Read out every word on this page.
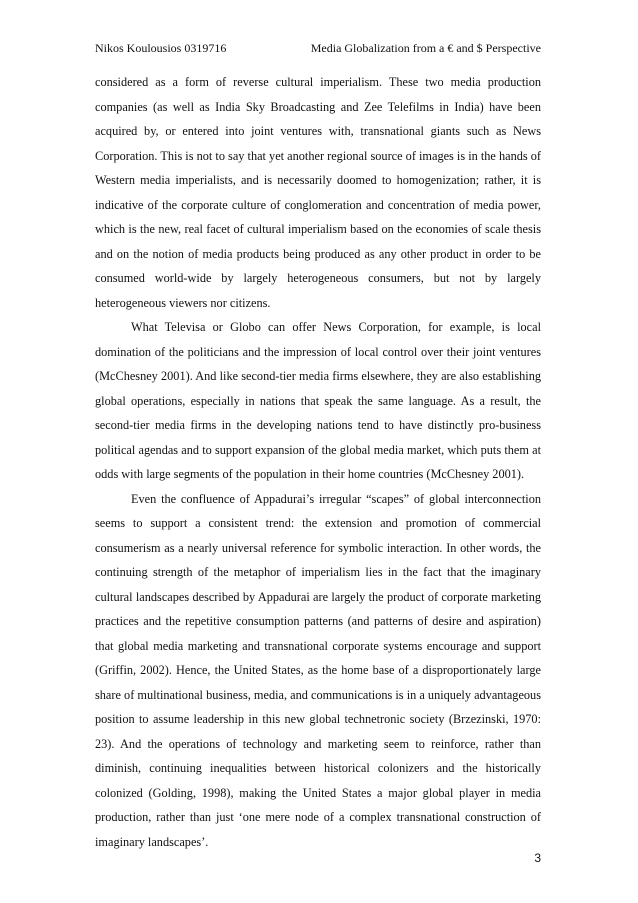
Nikos Koulousios 0319716	Media Globalization from a € and $ Perspective

considered as a form of reverse cultural imperialism. These two media production companies (as well as India Sky Broadcasting and Zee Telefilms in India) have been acquired by, or entered into joint ventures with, transnational giants such as News Corporation. This is not to say that yet another regional source of images is in the hands of Western media imperialists, and is necessarily doomed to homogenization; rather, it is indicative of the corporate culture of conglomeration and concentration of media power, which is the new, real facet of cultural imperialism based on the economies of scale thesis and on the notion of media products being produced as any other product in order to be consumed world-wide by largely heterogeneous consumers, but not by largely heterogeneous viewers nor citizens.

What Televisa or Globo can offer News Corporation, for example, is local domination of the politicians and the impression of local control over their joint ventures (McChesney 2001). And like second-tier media firms elsewhere, they are also establishing global operations, especially in nations that speak the same language. As a result, the second-tier media firms in the developing nations tend to have distinctly pro-business political agendas and to support expansion of the global media market, which puts them at odds with large segments of the population in their home countries (McChesney 2001).

Even the confluence of Appadurai’s irregular “scapes” of global interconnection seems to support a consistent trend: the extension and promotion of commercial consumerism as a nearly universal reference for symbolic interaction. In other words, the continuing strength of the metaphor of imperialism lies in the fact that the imaginary cultural landscapes described by Appadurai are largely the product of corporate marketing practices and the repetitive consumption patterns (and patterns of desire and aspiration) that global media marketing and transnational corporate systems encourage and support (Griffin, 2002). Hence, the United States, as the home base of a disproportionately large share of multinational business, media, and communications is in a uniquely advantageous position to assume leadership in this new global technetronic society (Brzezinski, 1970: 23). And the operations of technology and marketing seem to reinforce, rather than diminish, continuing inequalities between historical colonizers and the historically colonized (Golding, 1998), making the United States a major global player in media production, rather than just ‘one mere node of a complex transnational construction of imaginary landscapes’.

3
